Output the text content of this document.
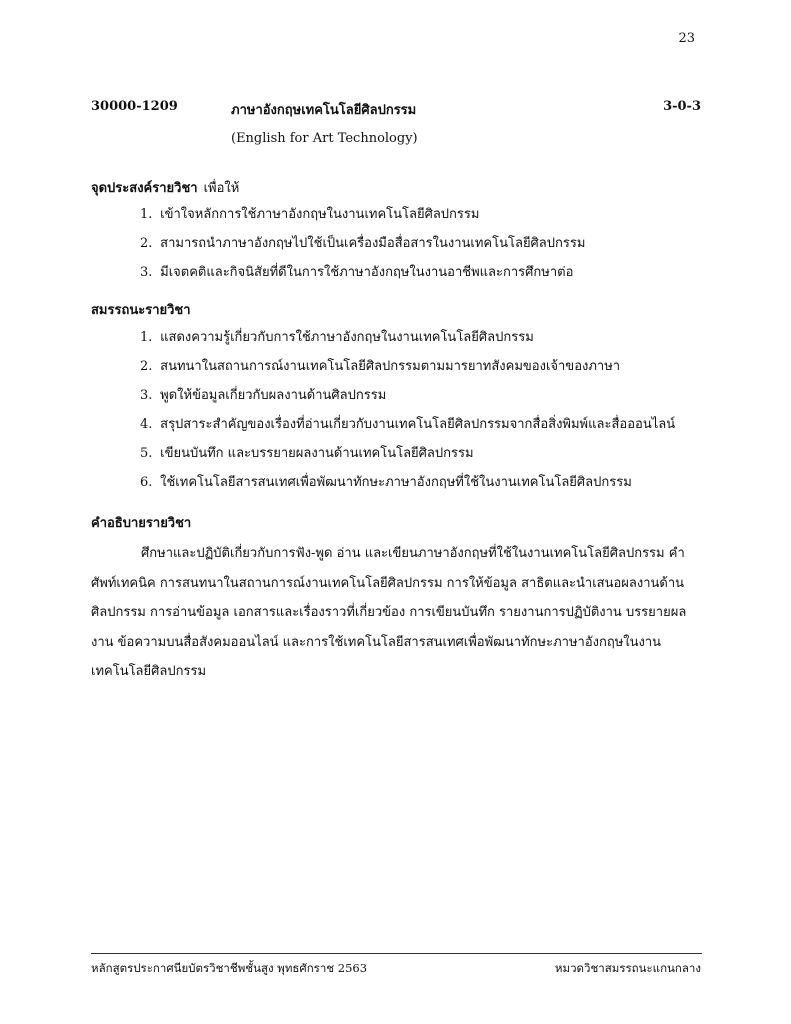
23
30000-1209	ภาษาอังกฤษเทคโนโลยีศิลปกรรม	3-0-3
(English for Art Technology)
จุดประสงค์รายวิชา เพื่อให้
1. เข้าใจหลักการใช้ภาษาอังกฤษในงานเทคโนโลยีศิลปกรรม
2. สามารถนำภาษาอังกฤษไปใช้เป็นเครื่องมือสื่อสารในงานเทคโนโลยีศิลปกรรม
3. มีเจตคติและกิจนิสัยที่ดีในการใช้ภาษาอังกฤษในงานอาชีพและการศึกษาต่อ
สมรรถนะรายวิชา
1. แสดงความรู้เกี่ยวกับการใช้ภาษาอังกฤษในงานเทคโนโลยีศิลปกรรม
2. สนทนาในสถานการณ์งานเทคโนโลยีศิลปกรรมตามมารยาทสังคมของเจ้าของภาษา
3. พูดให้ข้อมูลเกี่ยวกับผลงานด้านศิลปกรรม
4. สรุปสาระสำคัญของเรื่องที่อ่านเกี่ยวกับงานเทคโนโลยีศิลปกรรมจากสื่อสิ่งพิมพ์และสื่อออนไลน์
5. เขียนบันทึก และบรรยายผลงานด้านเทคโนโลยีศิลปกรรม
6. ใช้เทคโนโลยีสารสนเทศเพื่อพัฒนาทักษะภาษาอังกฤษที่ใช้ในงานเทคโนโลยีศิลปกรรม
คำอธิบายรายวิชา

ศึกษาและปฏิบัติเกี่ยวกับการฟัง-พูด อ่าน และเขียนภาษาอังกฤษที่ใช้ในงานเทคโนโลยีศิลปกรรม คำศัพท์เทคนิค การสนทนาในสถานการณ์งานเทคโนโลยีศิลปกรรม การให้ข้อมูล สาธิตและนำเสนอผลงานด้านศิลปกรรม การอ่านข้อมูล เอกสารและเรื่องราวที่เกี่ยวข้อง การเขียนบันทึก รายงานการปฏิบัติงาน บรรยายผลงาน ข้อความบนสื่อสังคมออนไลน์ และการใช้เทคโนโลยีสารสนเทศเพื่อพัฒนาทักษะภาษาอังกฤษในงานเทคโนโลยีศิลปกรรม

หลักสูตรประกาศนียบัตรวิชาชีพชั้นสูง พุทธศักราช 2563	หมวดวิชาสมรรถนะแกนกลาง
